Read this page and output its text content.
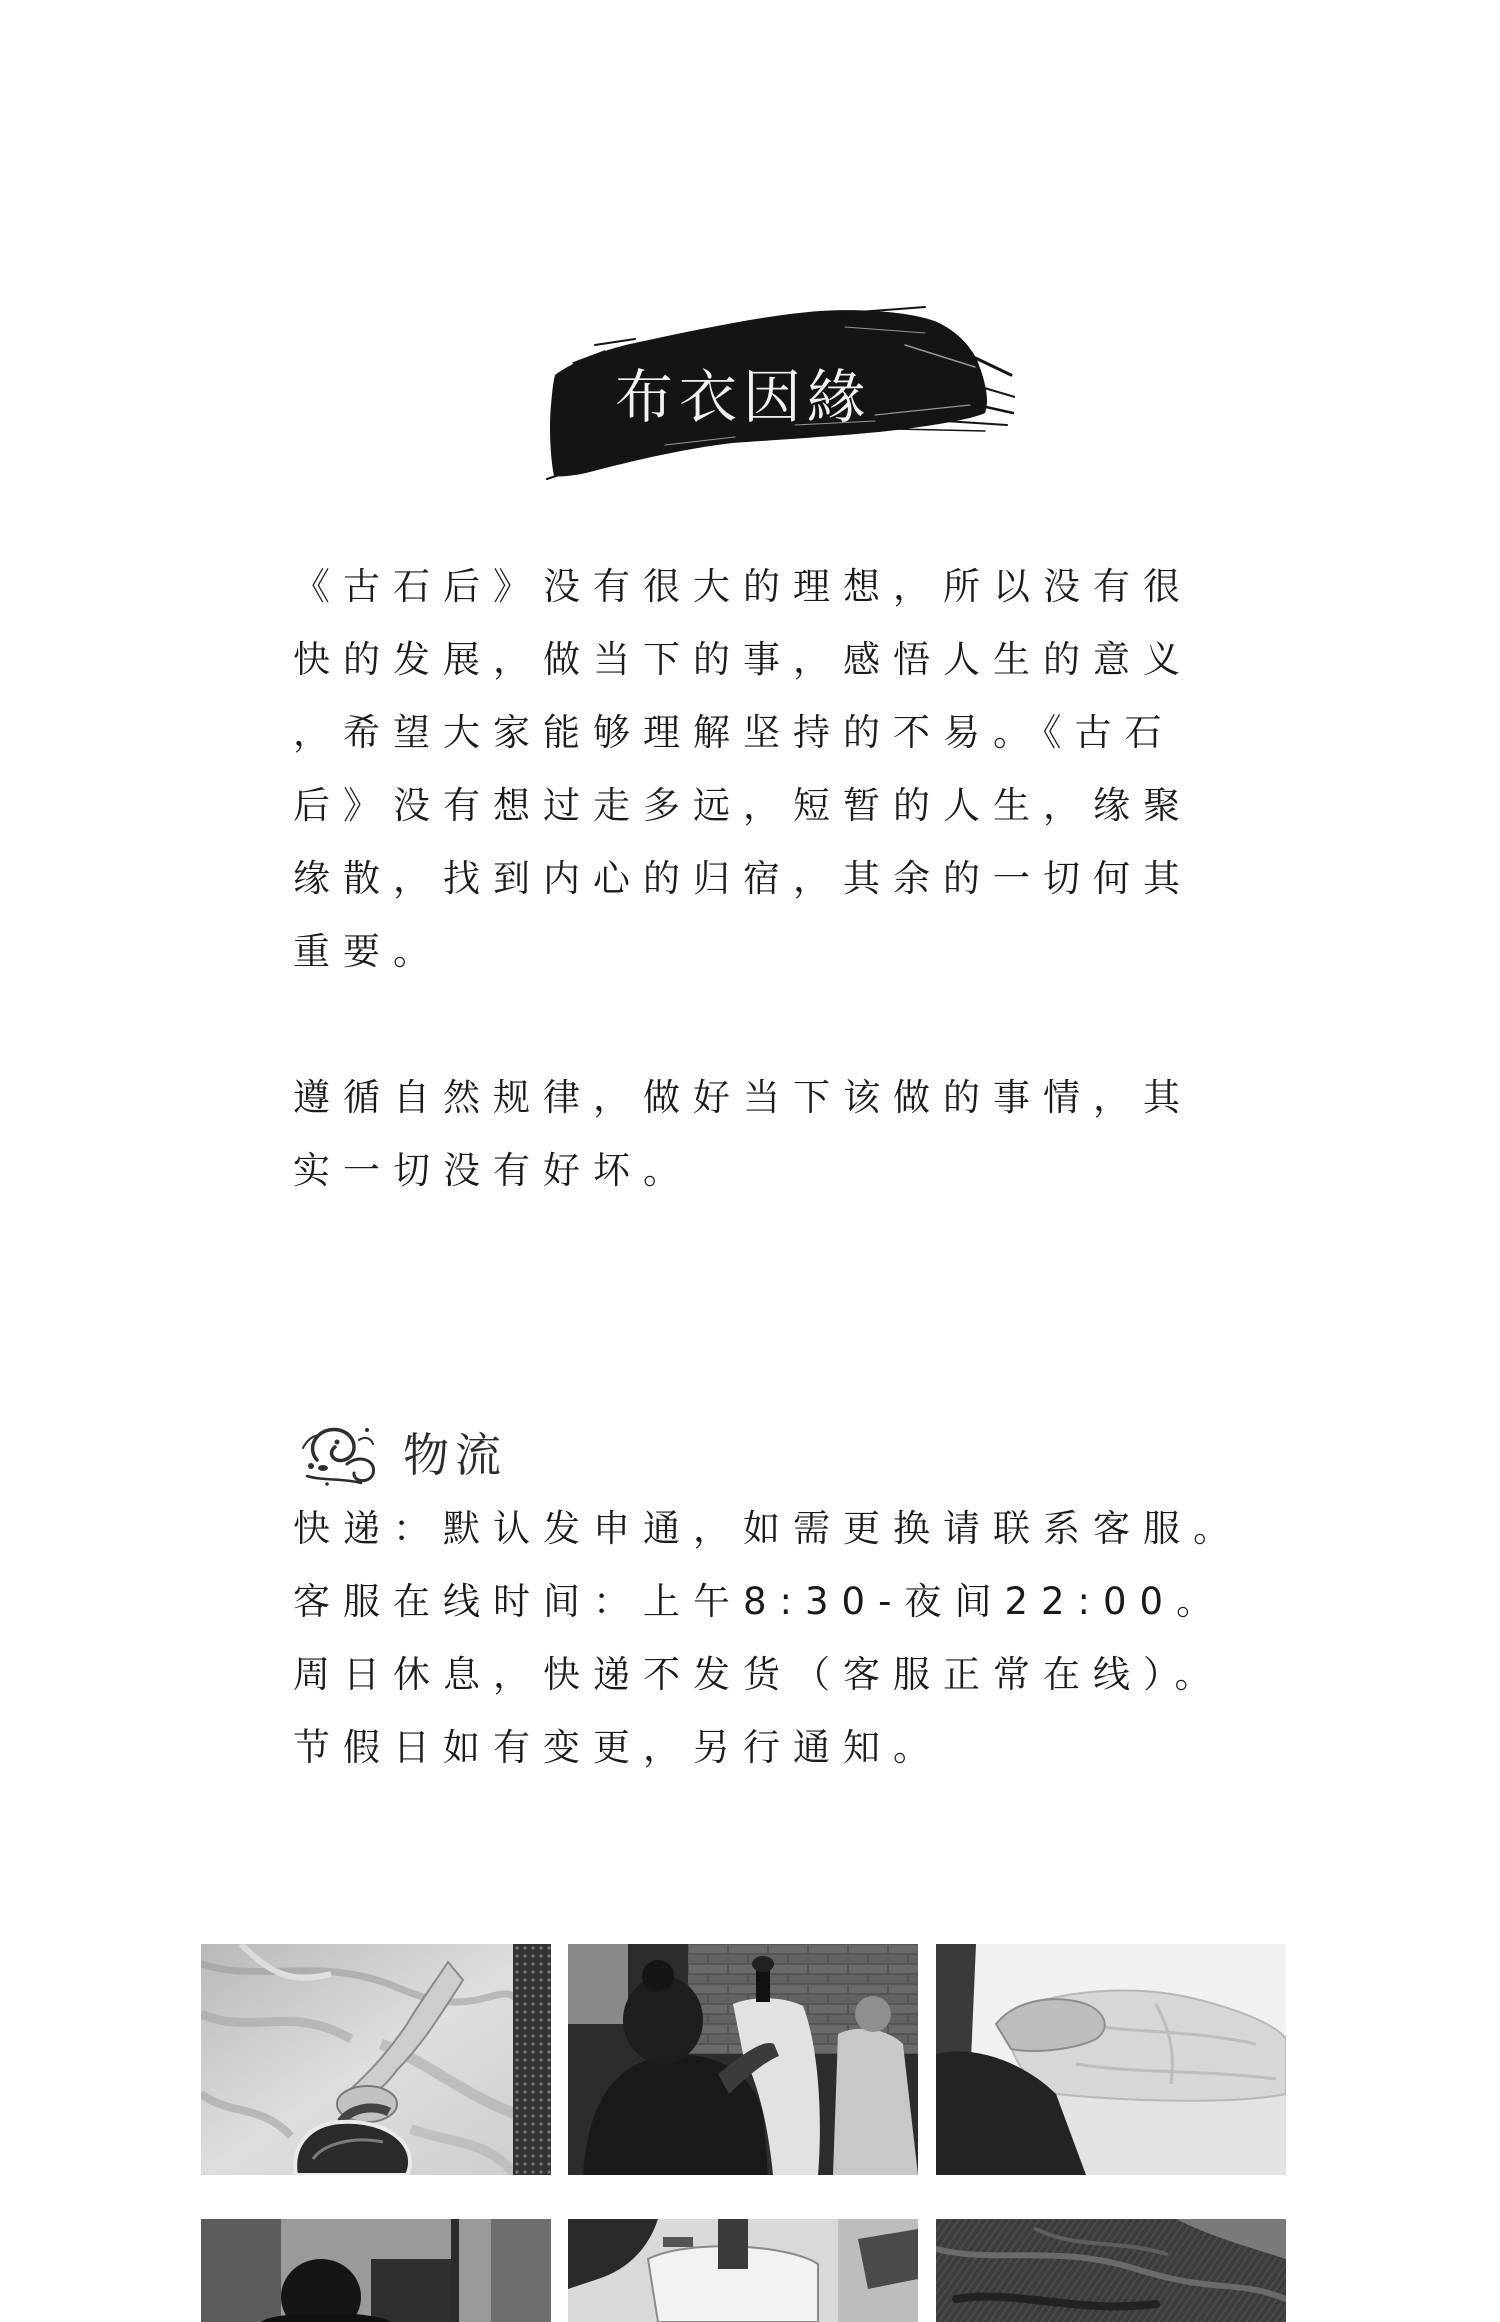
布衣因緣
《古石后》没有很大的理想，所以没有很
快的发展，做当下的事，感悟人生的意义
，希望大家能够理解坚持的不易。《古石
后》没有想过走多远，短暂的人生，缘聚
缘散，找到内心的归宿，其余的一切何其
重要。
遵循自然规律，做好当下该做的事情，其
实一切没有好坏。
物流
快递：默认发申通，如需更换请联系客服。
客服在线时间：上午8:30-夜间22:00。
周日休息，快递不发货（客服正常在线）。
节假日如有变更，另行通知。
